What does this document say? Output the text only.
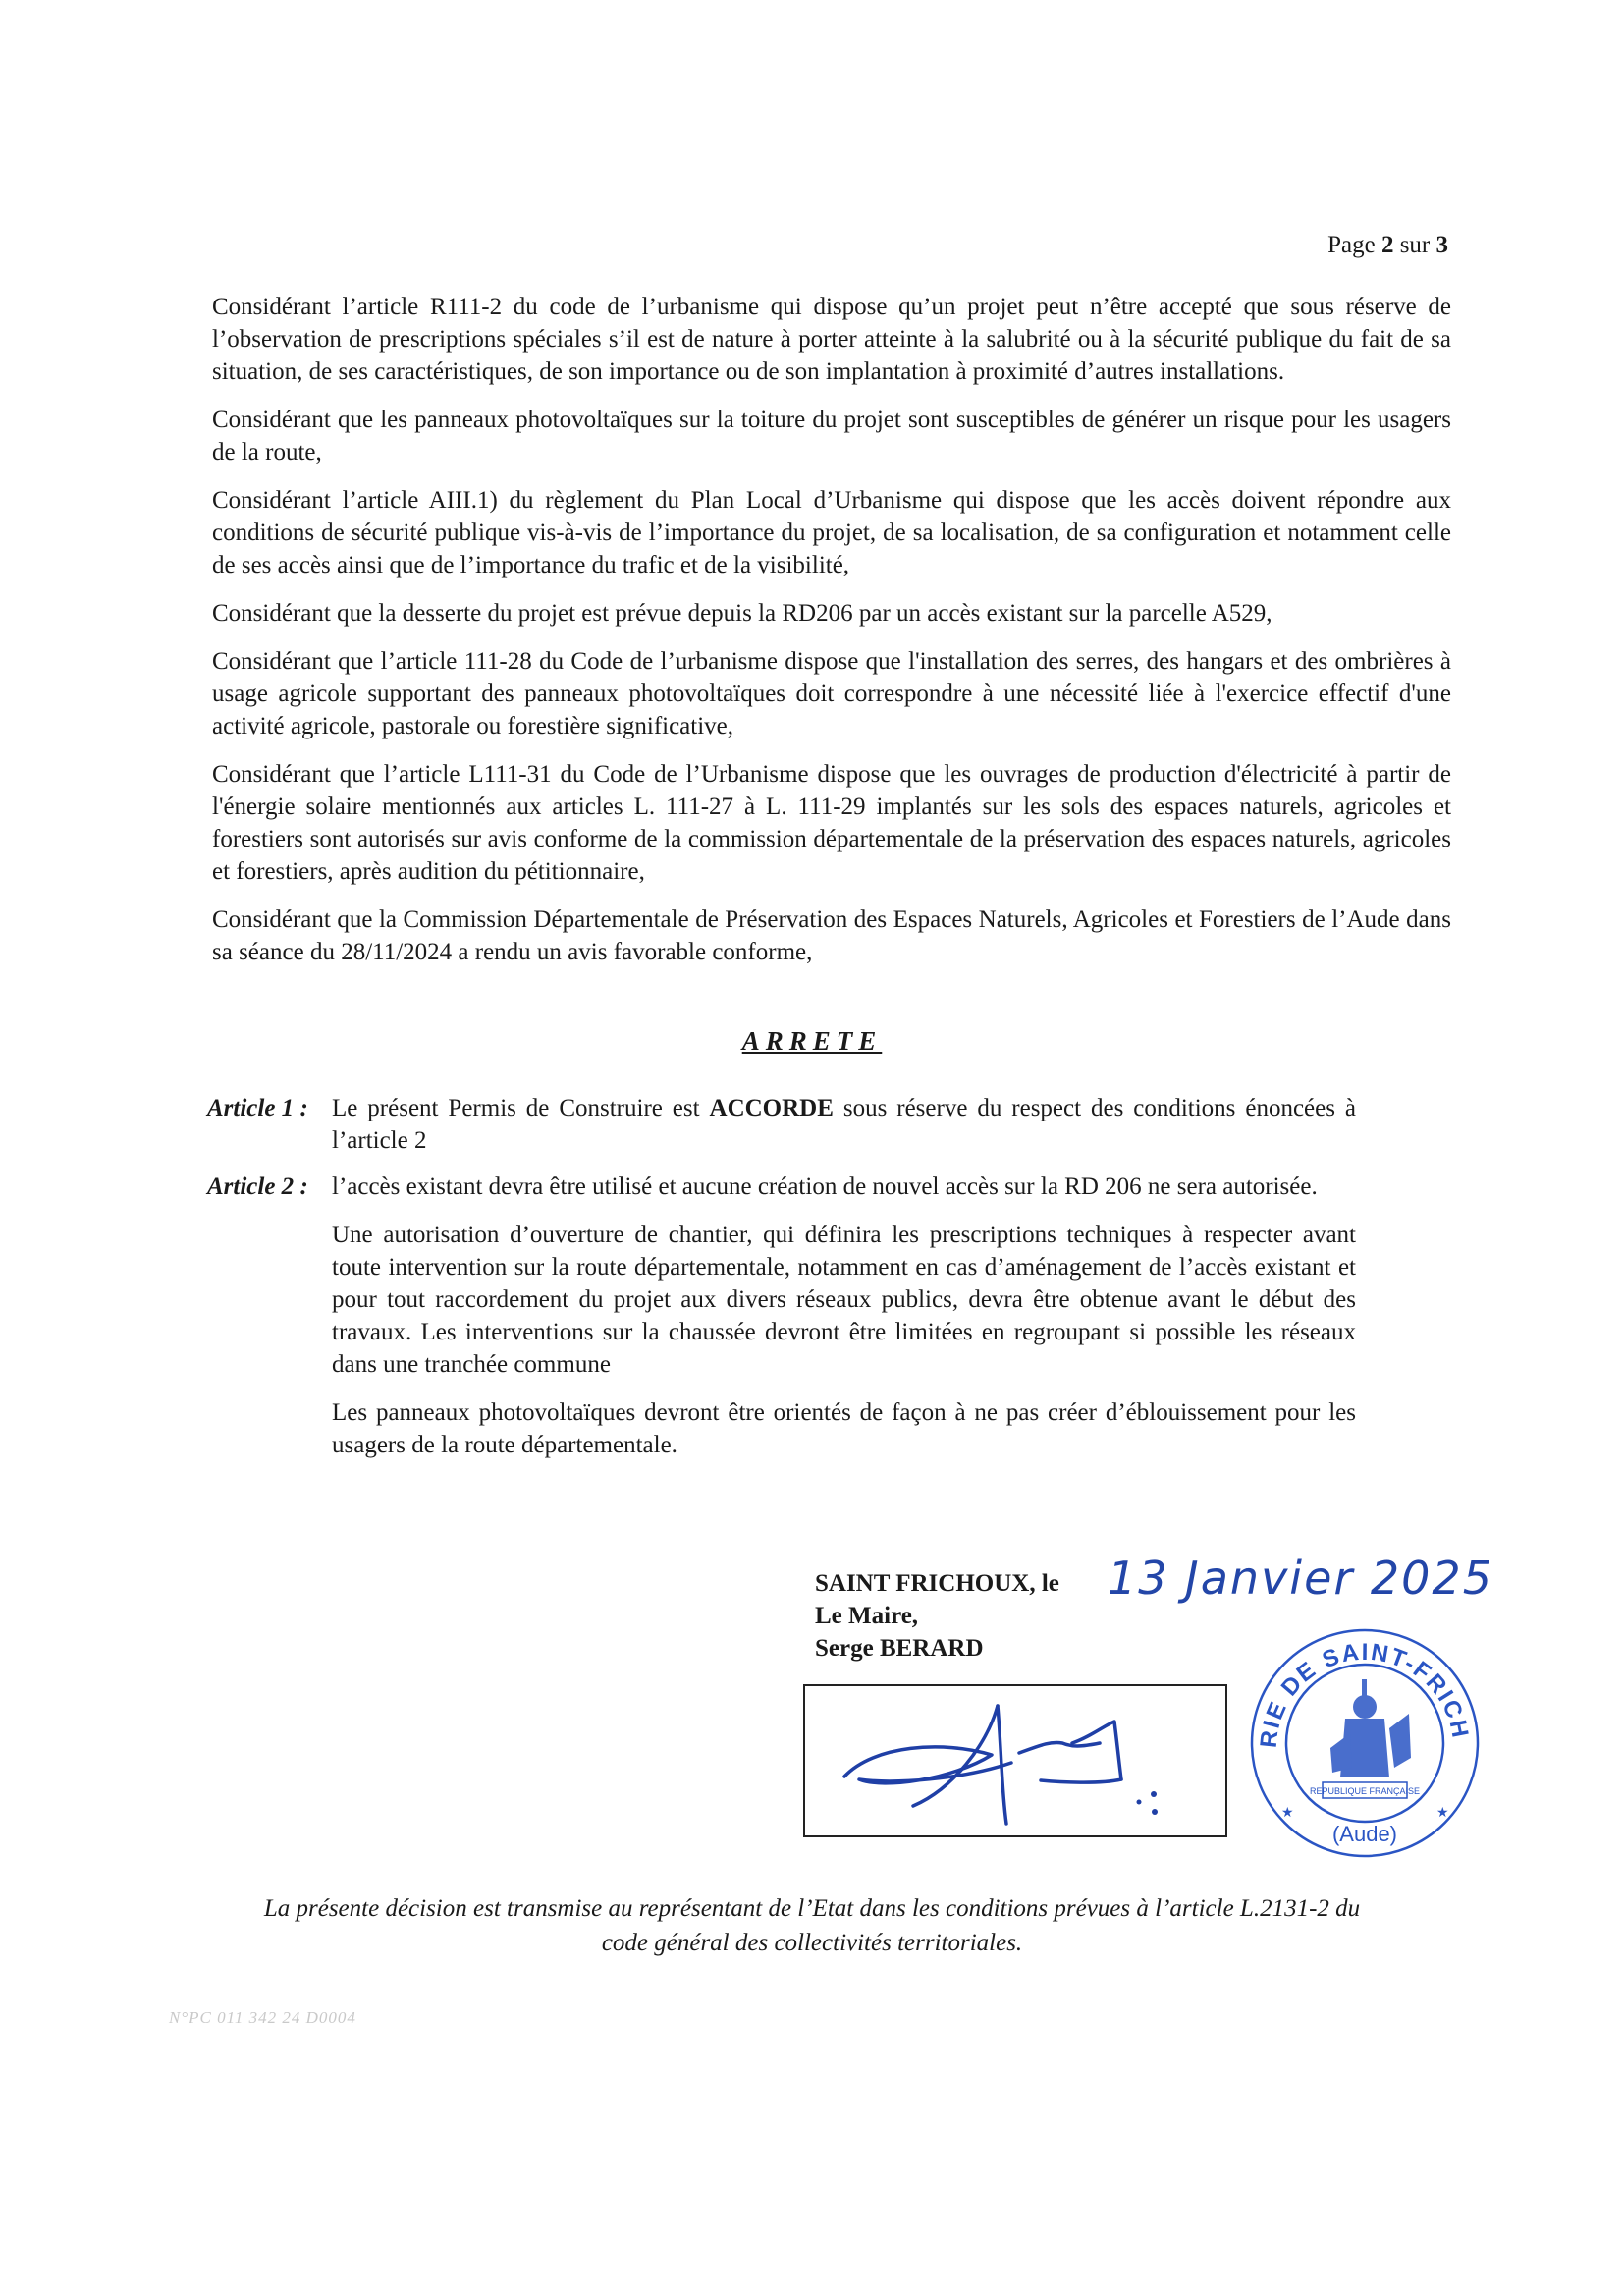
Page 2 sur 3

Considérant l’article R111-2 du code de l’urbanisme qui dispose qu’un projet peut n’être accepté que sous réserve de l’observation de prescriptions spéciales s’il est de nature à porter atteinte à la salubrité ou à la sécurité publique du fait de sa situation, de ses caractéristiques, de son importance ou de son implantation à proximité d’autres installations.

Considérant que les panneaux photovoltaïques sur la toiture du projet sont susceptibles de générer un risque pour les usagers de la route,

Considérant l’article AIII.1) du règlement du Plan Local d’Urbanisme qui dispose que les accès doivent répondre aux conditions de sécurité publique vis-à-vis de l’importance du projet, de sa localisation, de sa configuration et notamment celle de ses accès ainsi que de l’importance du trafic et de la visibilité,

Considérant que la desserte du projet est prévue depuis la RD206 par un accès existant sur la parcelle A529,

Considérant que l’article 111-28 du Code de l’urbanisme dispose que l'installation des serres, des hangars et des ombrières à usage agricole supportant des panneaux photovoltaïques doit correspondre à une nécessité liée à l'exercice effectif d'une activité agricole, pastorale ou forestière significative,

Considérant que l’article L111-31 du Code de l’Urbanisme dispose que les ouvrages de production d'électricité à partir de l'énergie solaire mentionnés aux articles L. 111-27 à L. 111-29 implantés sur les sols des espaces naturels, agricoles et forestiers sont autorisés sur avis conforme de la commission départementale de la préservation des espaces naturels, agricoles et forestiers, après audition du pétitionnaire,

Considérant que la Commission Départementale de Préservation des Espaces Naturels, Agricoles et Forestiers de l’Aude dans sa séance du 28/11/2024 a rendu un avis favorable conforme,

ARRETE
Article 1 : Le présent Permis de Construire est ACCORDE sous réserve du respect des conditions énoncées à l’article 2

Article 2 : l’accès existant devra être utilisé et aucune création de nouvel accès sur la RD 206 ne sera autorisée.

Une autorisation d’ouverture de chantier, qui définira les prescriptions techniques à respecter avant toute intervention sur la route départementale, notamment en cas d’aménagement de l’accès existant et pour tout raccordement du projet aux divers réseaux publics, devra être obtenue avant le début des travaux. Les interventions sur la chaussée devront être limitées en regroupant si possible les réseaux dans une tranchée commune

Les panneaux photovoltaïques devront être orientés de façon à ne pas créer d’éblouissement pour les usagers de la route départementale.

SAINT FRICHOUX, le
Le Maire,
Serge BERARD
13 Janvier 2025
RIE DE SAINT-FRICH
REPUBLIQUE FRANÇAISE
(Aude)
★	★
La présente décision est transmise au représentant de l’Etat dans les conditions prévues à l’article L.2131-2 du
code général des collectivités territoriales.
N°PC 011 342 24 D0004
